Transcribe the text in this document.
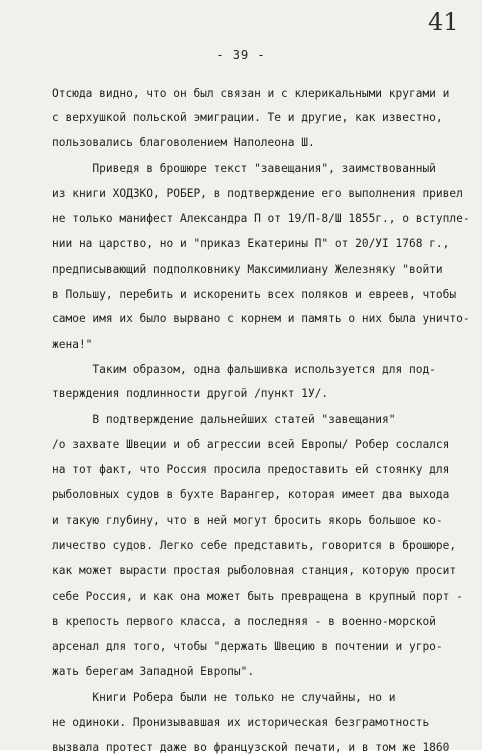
41
- 39 -
Отсюда видно, что он был связан и с клерикальными кругами и
с верхушкой польской эмиграции. Те и другие, как известно,
пользовались благоволением Наполеона Ш.
Приведя в брошюре текст "завещания", заимствованный
из книги ХОДЗКО, РОБЕР, в подтверждение его выполнения привел
не только манифест Александра П от 19/П-8/Ш 1855г., о вступле-
нии на царство, но и "приказ Екатерины П" от 20/УI 1768 г.,
предписывающий подполковнику Максимилиану Железняку "войти
в Польшу, перебить и искоренить всех поляков и евреев, чтобы
самое имя их было вырвано с корнем и память о них была уничто-
жена!"
Таким образом, одна фальшивка используется для под-
тверждения подлинности другой /пункт 1У/.
В подтверждение дальнейших статей "завещания"
/о захвате Швеции и об агрессии всей Европы/ Робер сослался
на тот факт, что Россия просила предоставить ей стоянку для
рыболовных судов в бухте Варангер, которая имеет два выхода
и такую глубину, что в ней могут бросить якорь большое ко-
личество судов. Легко себе представить, говорится в брошюре,
как может вырасти простая рыболовная станция, которую просит
себе Россия, и как она может быть превращена в крупный порт -
в крепость первого класса, а последняя - в военно-морской
арсенал для того, чтобы "держать Швецию в почтении и угро-
жать берегам Западной Европы".
Книги Робера были не только не случайны, но и
не одиноки. Пронизывавшая их историческая безграмотность
вызвала протест даже во французской печати, и в том же 1860
